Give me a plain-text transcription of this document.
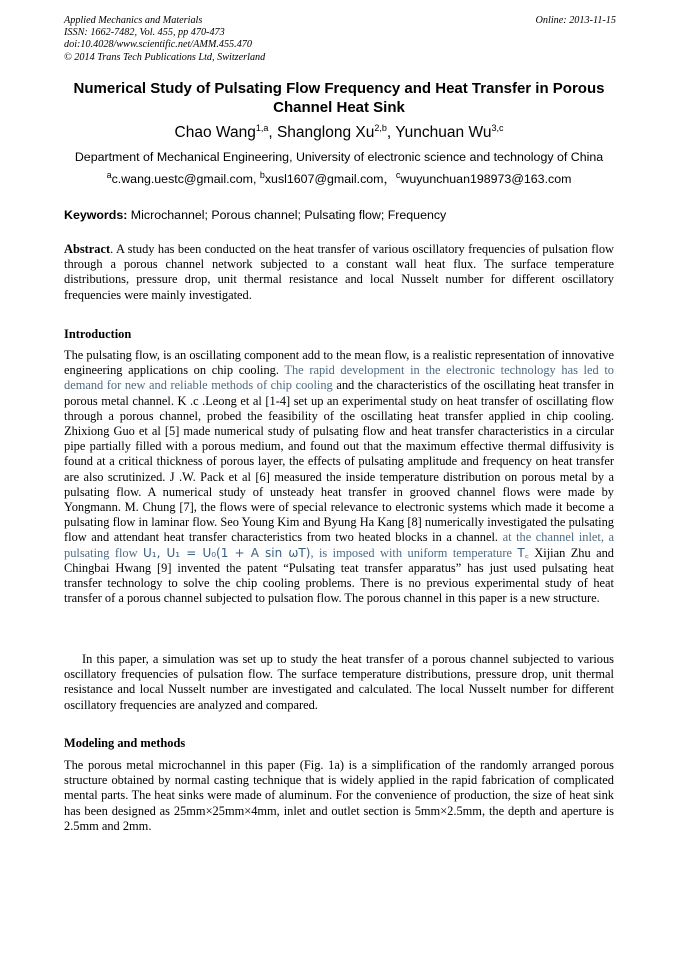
Applied Mechanics and Materials
ISSN: 1662-7482, Vol. 455, pp 470-473
doi:10.4028/www.scientific.net/AMM.455.470
© 2014 Trans Tech Publications Ltd, Switzerland
Online: 2013-11-15
Numerical Study of Pulsating Flow Frequency and Heat Transfer in Porous Channel Heat Sink
Chao Wang$^{1,a}$, Shanglong Xu$^{2,b}$, Yunchuan Wu$^{3,c}$
Department of Mechanical Engineering, University of electronic science and technology of China
$^a$c.wang.uestc@gmail.com, $^b$xusl1607@gmail.com，$^c$wuyunchuan198973@163.com
Keywords: Microchannel; Porous channel; Pulsating flow; Frequency
Abstract. A study has been conducted on the heat transfer of various oscillatory frequencies of pulsation flow through a porous channel network subjected to a constant wall heat flux. The surface temperature distributions, pressure drop, unit thermal resistance and local Nusselt number for different oscillatory frequencies were mainly investigated.
Introduction
The pulsating flow, is an oscillating component add to the mean flow, is a realistic representation of innovative engineering applications on chip cooling. The rapid development in the electronic technology has led to demand for new and reliable methods of chip cooling and the characteristics of the oscillating heat transfer in porous metal channel. K .c .Leong et al [1-4] set up an experimental study on heat transfer of oscillating flow through a porous channel, probed the feasibility of the oscillating heat transfer applied in chip cooling. Zhixiong Guo et al [5] made numerical study of pulsating flow and heat transfer characteristics in a circular pipe partially filled with a porous medium, and found out that the maximum effective thermal diffusivity is found at a critical thickness of porous layer, the effects of pulsating amplitude and frequency on heat transfer are also scrutinized. J .W. Pack et al [6] measured the inside temperature distribution on porous metal by a pulsating flow. A numerical study of unsteady heat transfer in grooved channel flows were made by Yongmann. M. Chung [7], the flows were of special relevance to electronic systems which made it become a pulsating flow in laminar flow. Seo Young Kim and Byung Ha Kang [8] numerically investigated the pulsating flow and attendant heat transfer characteristics from two heated blocks in a channel. at the channel inlet, a pulsating flow U₁, U₁ = U₀(1 + A sin ωT), is imposed with uniform temperature T꜀ Xijian Zhu and Chingbai Hwang [9] invented the patent “Pulsating teat transfer apparatus” has just used pulsating heat transfer technology to solve the chip cooling problems. There is no previous experimental study of heat transfer of a porous channel subjected to pulsation flow. The porous channel in this paper is a new structure.
In this paper, a simulation was set up to study the heat transfer of a porous channel subjected to various oscillatory frequencies of pulsation flow. The surface temperature distributions, pressure drop, unit thermal resistance and local Nusselt number are investigated and calculated. The local Nusselt number for different oscillatory frequencies are analyzed and compared.
Modeling and methods
The porous metal microchannel in this paper (Fig. 1a) is a simplification of the randomly arranged porous structure obtained by normal casting technique that is widely applied in the rapid fabrication of complicated mental parts. The heat sinks were made of aluminum. For the convenience of production, the size of heat sink has been designed as 25mm×25mm×4mm, inlet and outlet section is 5mm×2.5mm, the depth and aperture is 2.5mm and 2mm.
